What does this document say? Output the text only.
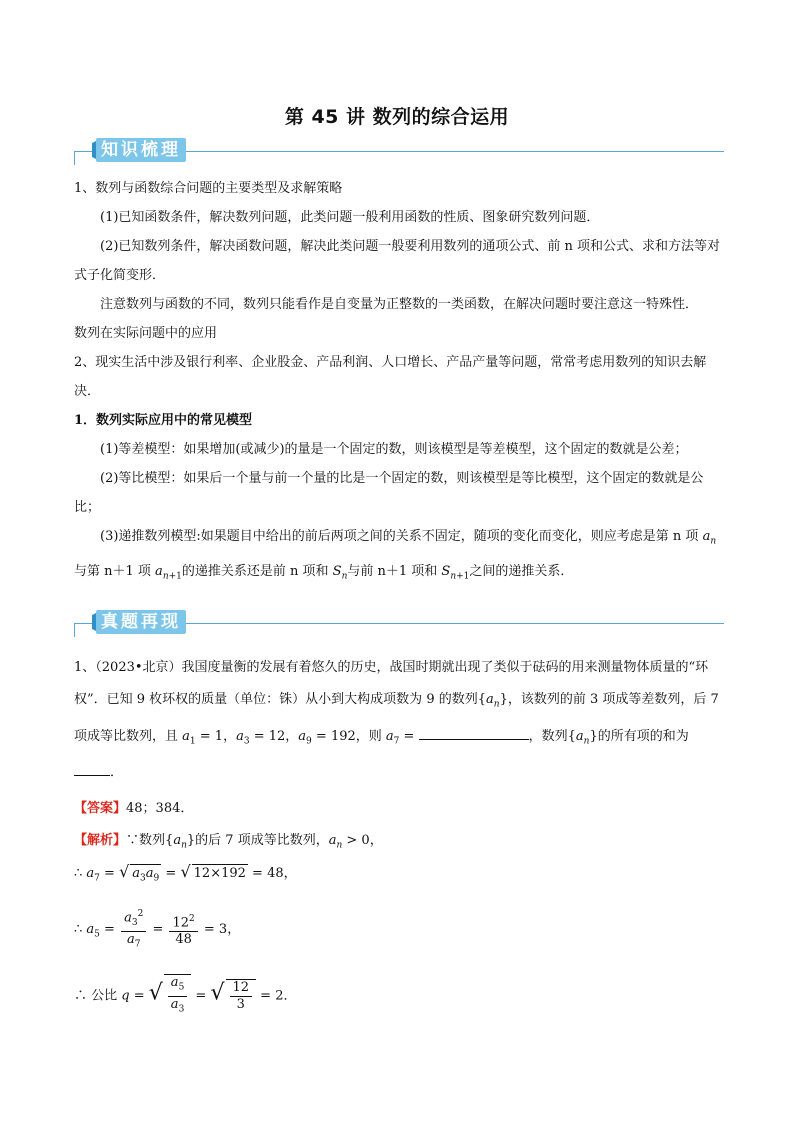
第 45 讲 数列的综合运用
知识梳理

1、数列与函数综合问题的主要类型及求解策略

(1)已知函数条件，解决数列问题，此类问题一般利用函数的性质、图象研究数列问题．

(2)已知数列条件，解决函数问题，解决此类问题一般要利用数列的通项公式、前 n 项和公式、求和方法等对式子化简变形．

注意数列与函数的不同，数列只能看作是自变量为正整数的一类函数，在解决问题时要注意这一特殊性．

数列在实际问题中的应用

2、现实生活中涉及银行利率、企业股金、产品利润、人口增长、产品产量等问题，常常考虑用数列的知识去解决．

1．数列实际应用中的常见模型

(1)等差模型：如果增加(或减少)的量是一个固定的数，则该模型是等差模型，这个固定的数就是公差；

(2)等比模型：如果后一个量与前一个量的比是一个固定的数，则该模型是等比模型，这个固定的数就是公比；

(3)递推数列模型:如果题目中给出的前后两项之间的关系不固定，随项的变化而变化，则应考虑是第 n 项 $a_n$与第 n＋1 项 $a_{n+1}$的递推关系还是前 n 项和 $S_n$与前 n＋1 项和 $S_{n+1}$之间的递推关系．

真题再现

1、（2023•北京）我国度量衡的发展有着悠久的历史，战国时期就出现了类似于砝码的用来测量物体质量的“环权”．已知 9 枚环权的质量（单位：铢）从小到大构成项数为 9 的数列$\{a_n\}$，该数列的前 3 项成等差数列，后 7 项成等比数列，且 $a_1 = 1$，$a_3 = 12$，$a_9 = 192$，则 $a_7$ =	，数列$\{a_n\}$的所有项的和为．

【答案】48；384．

【解析】∵数列$\{a_n\}$的后 7 项成等比数列，$a_n > 0$，

∴ $a_7$ = √ $a_3a_9$ = √ 12×192 = 48，
∴ $a_5 = \frac{a_3^2}{a_7} = \frac{12^2}{48} = 3$，
∴ 公比 q = √ $\frac{a_5}{a_3}$ = √ $\frac{12}{3} = 2$．
